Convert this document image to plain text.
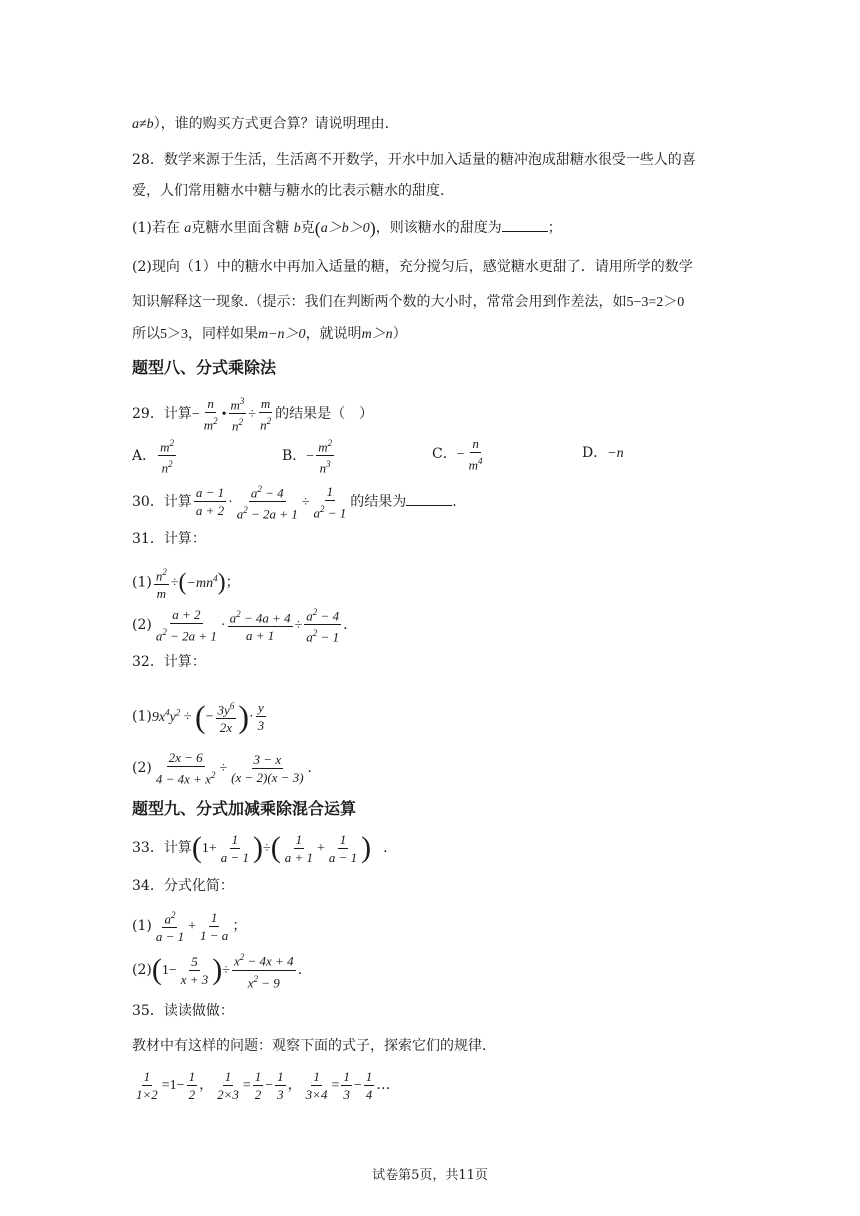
a≠b），谁的购买方式更合算？请说明理由.
28．数学来源于生活，生活离不开数学，开水中加入适量的糖冲泡成甜糖水很受一些人的喜
爱，人们常用糖水中糖与糖水的比表示糖水的甜度.
(1)若在 a克糖水里面含糖 b克(a＞b＞0)，则该糖水的甜度为	；
(2)现向（1）中的糖水中再加入适量的糖，充分搅匀后，感觉糖水更甜了．请用所学的数学
知识解释这一现象.（提示：我们在判断两个数的大小时，常常会用到作差法，如5−3=2＞0
所以5＞3，同样如果m−n＞0，就说明m＞n）
题型八、分式乘除法
29．计算− $\frac{n}{m^2}$ • $\frac{m^3}{n^2} \div \frac{m}{n^2}$ 的结果是（　）
A． $\frac{m^2}{n^2}$	B．− $\frac{m^2}{n^3}$	C．− $\frac{n}{m^4}$	D．−n
30．计算 $\frac{a - 1}{a + 2} \cdot \frac{a^2 - 4}{a^2 - 2a + 1} \div \frac{1}{a^2 - 1}$ 的结果为	.
31．计算：
$(1) \frac{n^2}{m} \div(-mn^4)$；
$(2) \frac{a + 2}{a^2 - 2a + 1} \cdot \frac{a^2 - 4a + 4}{a + 1} \div \frac{a^2 - 4}{a^2 - 1}$ .
32．计算：
$(1)9x^4y^2$ ÷ (− $\frac{3y^6}{2x}$ )· $\frac{y}{3}$
$(2) \frac{2x - 6}{4 - 4x + x^2} \div \frac{3 - x}{(x - 2)(x - 3)}$ .
题型九、分式加减乘除混合运算
33．计算($1+ \frac{1}{a - 1}$ )÷( $\frac{1}{a + 1} + \frac{1}{a - 1}$ ) .
34．分式化简：
$(1) \frac{a^2}{a - 1} + \frac{1}{1 - a}$ ；
$(2)(1- \frac{5}{x + 3}$ )÷ $\frac{x^2 - 4x + 4}{x^2 - 9}$ .
35．读读做做：
教材中有这样的问题：观察下面的式子，探索它们的规律.
$\frac{1}{1\times 2} =1- \frac{1}{2}$ ， $\frac{1}{2\times 3} = \frac{1}{2} - \frac{1}{3}$ ， $\frac{1}{3\times 4} = \frac{1}{3} - \frac{1}{4}$ …
试卷第5页，共11页
